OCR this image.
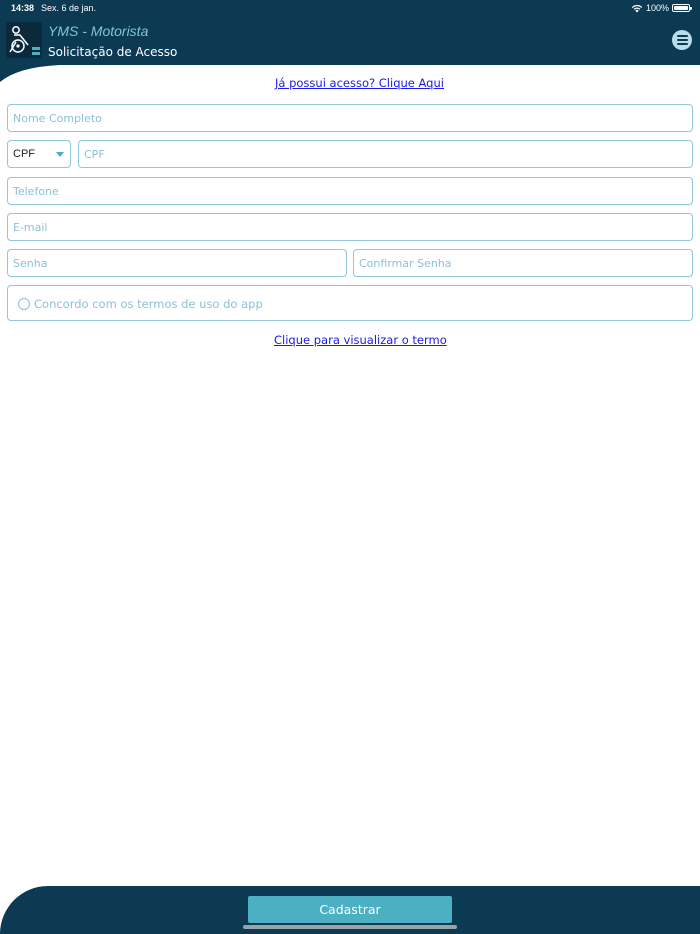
14:38 Sex. 6 de jan.	100%
YMS - Motorista
Solicitação de Acesso
Já possui acesso? Clique Aqui
Nome Completo
CPF
CPF
Telefone
E-mail
Concordo com os termos de uso do app
Clique para visualizar o termo
Cadastrar
